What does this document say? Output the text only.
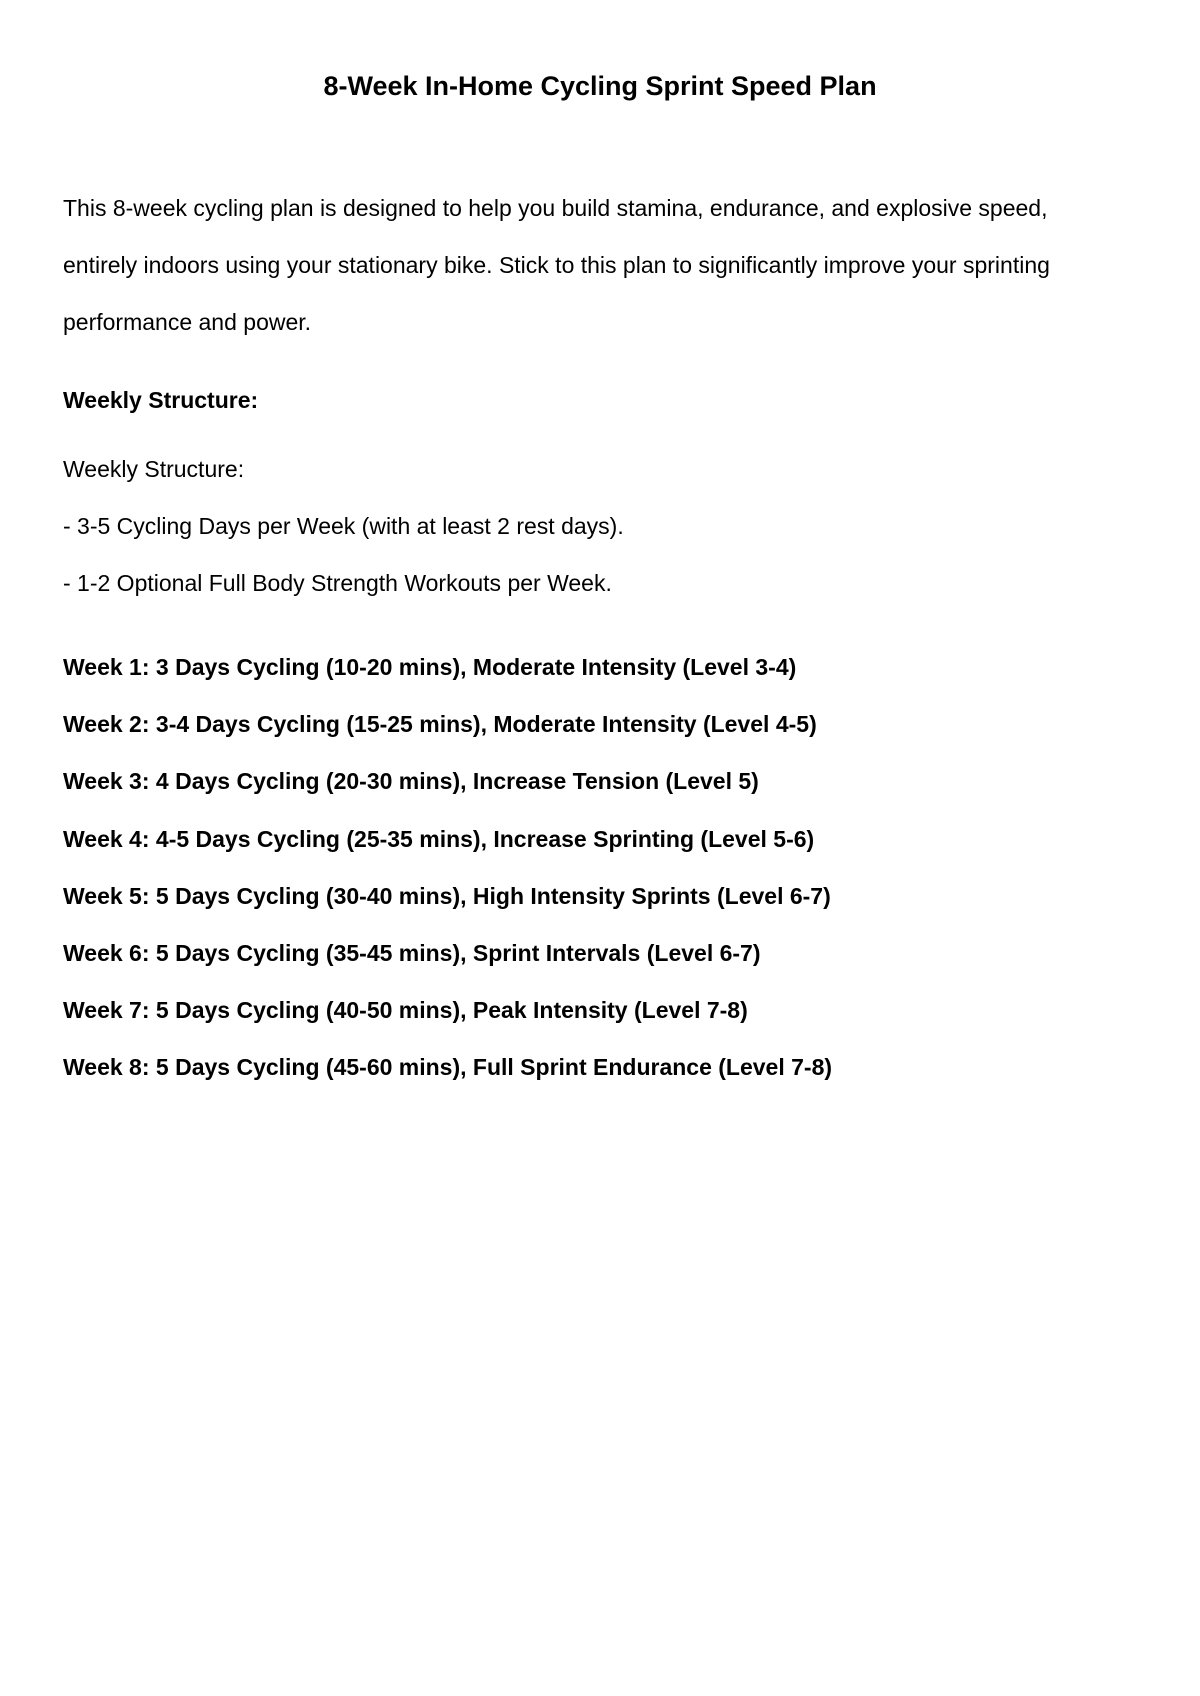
8-Week In-Home Cycling Sprint Speed Plan

This 8-week cycling plan is designed to help you build stamina, endurance, and explosive speed,
entirely indoors using your stationary bike. Stick to this plan to significantly improve your sprinting
performance and power.

Weekly Structure:
Weekly Structure:
- 3-5 Cycling Days per Week (with at least 2 rest days).
- 1-2 Optional Full Body Strength Workouts per Week.
Week 1: 3 Days Cycling (10-20 mins), Moderate Intensity (Level 3-4)
Week 2: 3-4 Days Cycling (15-25 mins), Moderate Intensity (Level 4-5)
Week 3: 4 Days Cycling (20-30 mins), Increase Tension (Level 5)
Week 4: 4-5 Days Cycling (25-35 mins), Increase Sprinting (Level 5-6)
Week 5: 5 Days Cycling (30-40 mins), High Intensity Sprints (Level 6-7)
Week 6: 5 Days Cycling (35-45 mins), Sprint Intervals (Level 6-7)
Week 7: 5 Days Cycling (40-50 mins), Peak Intensity (Level 7-8)
Week 8: 5 Days Cycling (45-60 mins), Full Sprint Endurance (Level 7-8)
